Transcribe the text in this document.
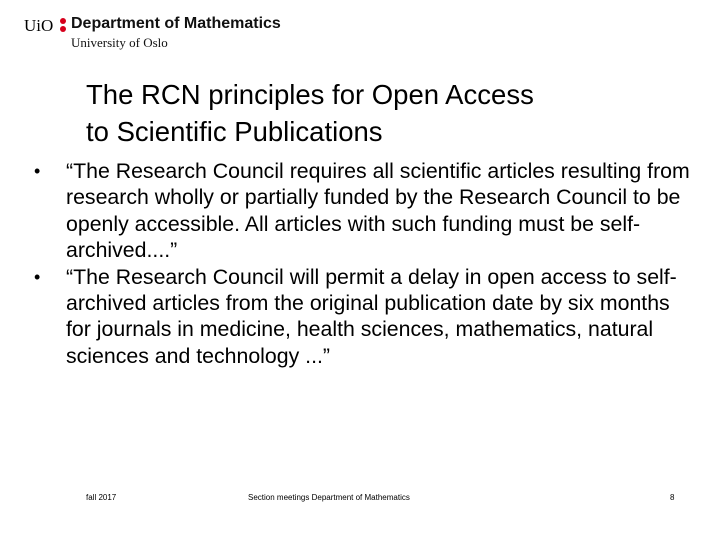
UiO Department of Mathematics
University of Oslo
The RCN principles for Open Access
to Scientific Publications
• “The Research Council requires all scientific articles resulting from research wholly or partially funded by the Research Council to be openly accessible. All articles with such funding must be self-archived....”
• “The Research Council will permit a delay in open access to self-archived articles from the original publication date by six months for journals in medicine, health sciences, mathematics, natural sciences and technology ...”
fall 2017	Section meetings Department of Mathematics	8
